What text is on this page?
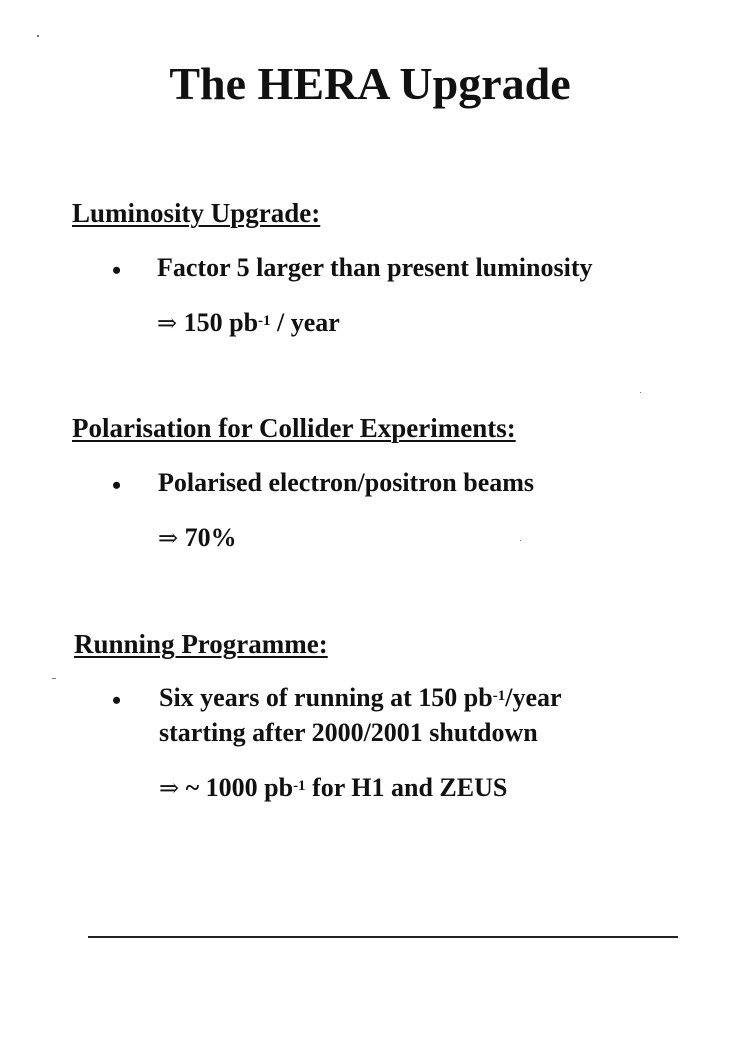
The HERA Upgrade
Luminosity Upgrade:
• Factor 5 larger than present luminosity
⇒ 150 $pb^{-1}$ / year
Polarisation for Collider Experiments:
• Polarised electron/positron beams
⇒ 70%
Running Programme:
• Six years of running at 150 $pb^{-1}$/year
starting after 2000/2001 shutdown
⇒ ~ 1000 $pb^{-1}$ for H1 and ZEUS
